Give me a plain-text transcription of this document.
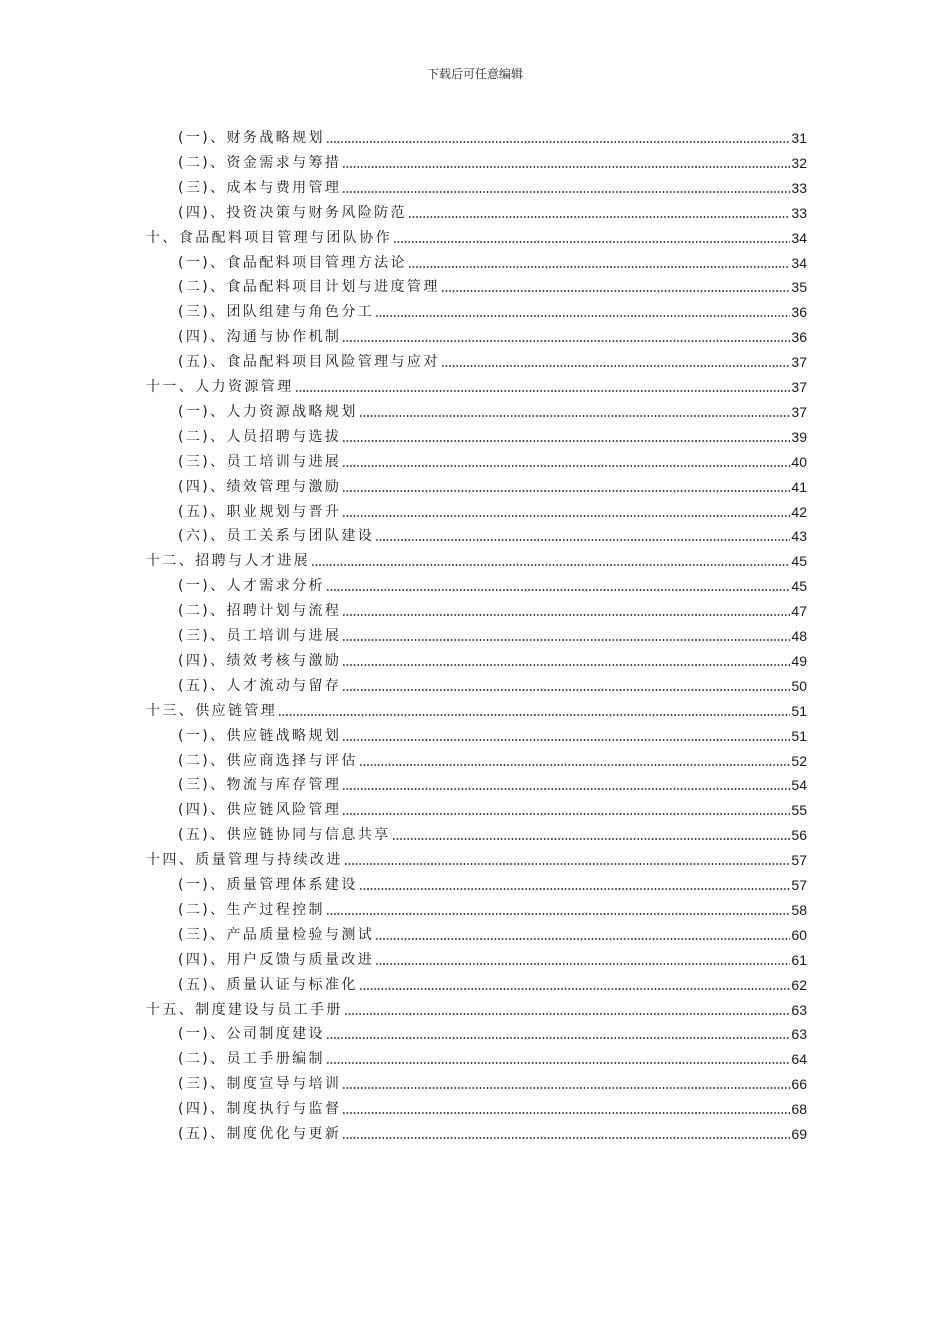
下载后可任意编辑
(一)、财务战略规划	31
(二)、资金需求与筹措	32
(三)、成本与费用管理	33
(四)、投资决策与财务风险防范	33
十、食品配料项目管理与团队协作	34
(一)、食品配料项目管理方法论	34
(二)、食品配料项目计划与进度管理	35
(三)、团队组建与角色分工	36
(四)、沟通与协作机制	36
(五)、食品配料项目风险管理与应对	37
十一、人力资源管理	37
(一)、人力资源战略规划	37
(二)、人员招聘与选拔	39
(三)、员工培训与进展	40
(四)、绩效管理与激励	41
(五)、职业规划与晋升	42
(六)、员工关系与团队建设	43
十二、招聘与人才进展	45
(一)、人才需求分析	45
(二)、招聘计划与流程	47
(三)、员工培训与进展	48
(四)、绩效考核与激励	49
(五)、人才流动与留存	50
十三、供应链管理	51
(一)、供应链战略规划	51
(二)、供应商选择与评估	52
(三)、物流与库存管理	54
(四)、供应链风险管理	55
(五)、供应链协同与信息共享	56
十四、质量管理与持续改进	57
(一)、质量管理体系建设	57
(二)、生产过程控制	58
(三)、产品质量检验与测试	60
(四)、用户反馈与质量改进	61
(五)、质量认证与标准化	62
十五、制度建设与员工手册	63
(一)、公司制度建设	63
(二)、员工手册编制	64
(三)、制度宣导与培训	66
(四)、制度执行与监督	68
(五)、制度优化与更新	69
